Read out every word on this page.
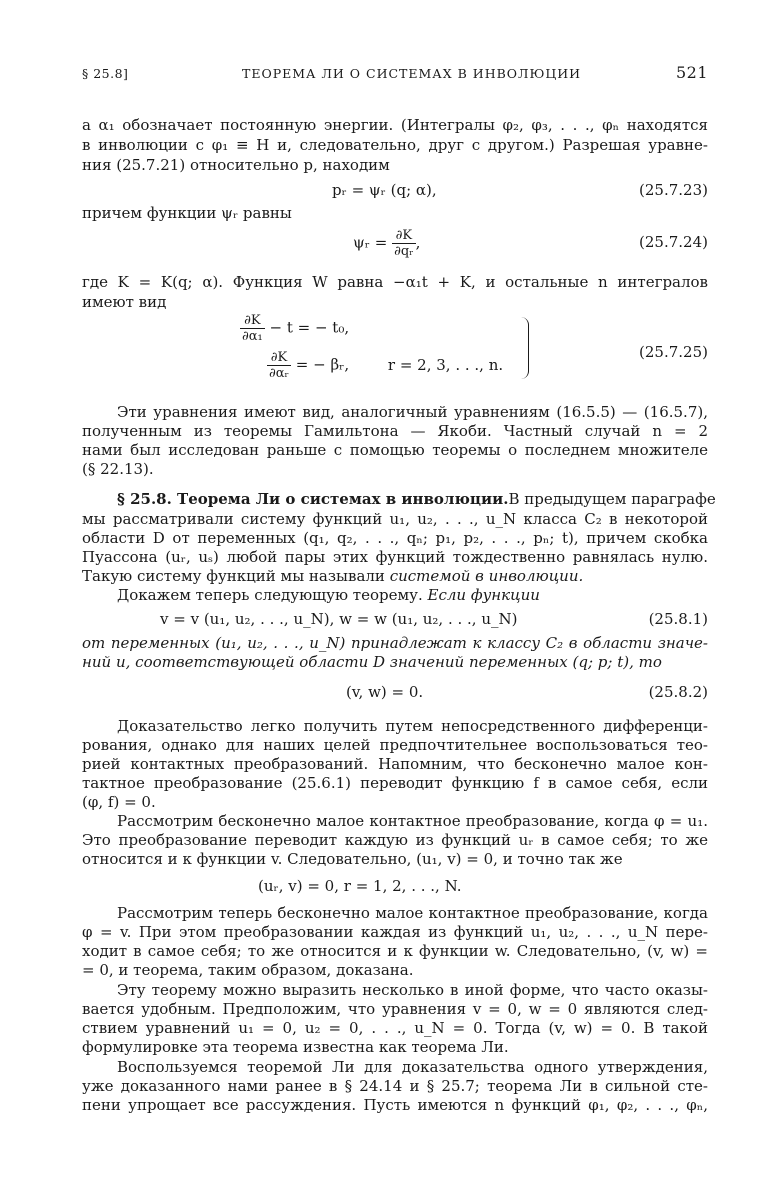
§ 25.8]	ТЕОРЕМА ЛИ О СИСТЕМАХ В ИНВОЛЮЦИИ	521
а α₁ обозначает постоянную энергии. (Интегралы φ₂, φ₃, . . ., φₙ находятся
в инволюции с φ₁ ≡ H и, следовательно, друг с другом.) Разрешая уравне-
ния (25.7.21) относительно p, находим
pᵣ = ψᵣ (q; α),	(25.7.23)
причем функции ψᵣ равны
ψᵣ = $\frac{\partial K}{\text{∂qᵣ}}$ ,	(25.7.24)
где K = K(q; α). Функция W равна −α₁t + K, и остальные n интегралов
имеют вид
$\frac{\partial K}{\text{∂α₁}} - t$ = − t₀,
$\frac{\partial K}{\text{∂αᵣ}}$ = − βᵣ,	r = 2, 3, . . ., n.
(25.7.25)
Эти уравнения имеют вид, аналогичный уравнениям (16.5.5) — (16.5.7),
полученным из теоремы Гамильтона — Якоби. Частный случай n = 2
нами был исследован раньше с помощью теоремы о последнем множителе
(§ 22.13).
§ 25.8. Теорема Ли о системах в инволюции. В предыдущем параграфе
мы рассматривали систему функций u₁, u₂, . . ., u_N класса C₂ в некоторой
области D от переменных (q₁, q₂, . . ., qₙ; p₁, p₂, . . ., pₙ; t), причем скобка
Пуассона (uᵣ, uₛ) любой пары этих функций тождественно равнялась нулю.
Такую систему функций мы называли системой в инволюции.
Докажем теперь следующую теорему. Если функции
v = v (u₁, u₂, . . ., u_N), w = w (u₁, u₂, . . ., u_N)	(25.8.1)
от переменных (u₁, u₂, . . ., u_N) принадлежат к классу C₂ в области значе-
ний u, соответствующей области D значений переменных (q; p; t), то
(v, w) = 0.	(25.8.2)
Доказательство легко получить путем непосредственного дифференци-
рования, однако для наших целей предпочтительнее воспользоваться тео-
рией контактных преобразований. Напомним, что бесконечно малое кон-
тактное преобразование (25.6.1) переводит функцию f в самое себя, если
(φ, f) = 0.
Рассмотрим бесконечно малое контактное преобразование, когда φ = u₁.
Это преобразование переводит каждую из функций uᵣ в самое себя; то же
относится и к функции v. Следовательно, (u₁, v) = 0, и точно так же
(uᵣ, v) = 0, r = 1, 2, . . ., N.
Рассмотрим теперь бесконечно малое контактное преобразование, когда
φ = v. При этом преобразовании каждая из функций u₁, u₂, . . ., u_N пере-
ходит в самое себя; то же относится и к функции w. Следовательно, (v, w) =
= 0, и теорема, таким образом, доказана.
Эту теорему можно выразить несколько в иной форме, что часто оказы-
вается удобным. Предположим, что уравнения v = 0, w = 0 являются след-
ствием уравнений u₁ = 0, u₂ = 0, . . ., u_N = 0. Тогда (v, w) = 0. В такой
формулировке эта теорема известна как теорема Ли.
Воспользуемся теоремой Ли для доказательства одного утверждения,
уже доказанного нами ранее в § 24.14 и § 25.7; теорема Ли в сильной сте-
пени упрощает все рассуждения. Пусть имеются n функций φ₁, φ₂, . . ., φₙ,
